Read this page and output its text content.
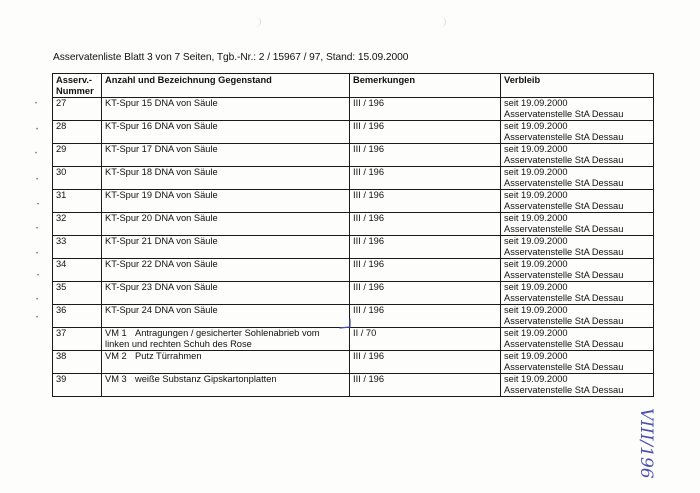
Asservatenliste Blatt 3 von 7 Seiten, Tgb.-Nr.: 2 / 15967 / 97, Stand: 15.09.2000
Asserv.-
Nummer	Anzahl und Bezeichnung Gegenstand	Bemerkungen	Verbleib
27	KT-Spur 15 DNA von Säule	III / 196	seit 19.09.2000
Asservatenstelle StA Dessau
28	KT-Spur 16 DNA von Säule	III / 196	seit 19.09.2000
Asservatenstelle StA Dessau
29	KT-Spur 17 DNA von Säule	III / 196	seit 19.09.2000
Asservatenstelle StA Dessau
30	KT-Spur 18 DNA von Säule	III / 196	seit 19.09.2000
Asservatenstelle StA Dessau
31	KT-Spur 19 DNA von Säule	III / 196	seit 19.09.2000
Asservatenstelle StA Dessau
32	KT-Spur 20 DNA von Säule	III / 196	seit 19.09.2000
Asservatenstelle StA Dessau
33	KT-Spur 21 DNA von Säule	III / 196	seit 19.09.2000
Asservatenstelle StA Dessau
34	KT-Spur 22 DNA von Säule	III / 196	seit 19.09.2000
Asservatenstelle StA Dessau
35	KT-Spur 23 DNA von Säule	III / 196	seit 19.09.2000
Asservatenstelle StA Dessau
36	KT-Spur 24 DNA von Säule	III / 196	seit 19.09.2000
Asservatenstelle StA Dessau
37	VM 1 Antragungen / gesicherter Sohlenabrieb vom linken und rechten Schuh des Rose	II / 70	seit 19.09.2000
Asservatenstelle StA Dessau
38	VM 2 Putz Türrahmen	III / 196	seit 19.09.2000
Asservatenstelle StA Dessau
39	VM 3 weiße Substanz Gipskartonplatten	III / 196	seit 19.09.2000
Asservatenstelle StA Dessau
•
•
•
•
•
•
•
•
•
•
VIII/196
